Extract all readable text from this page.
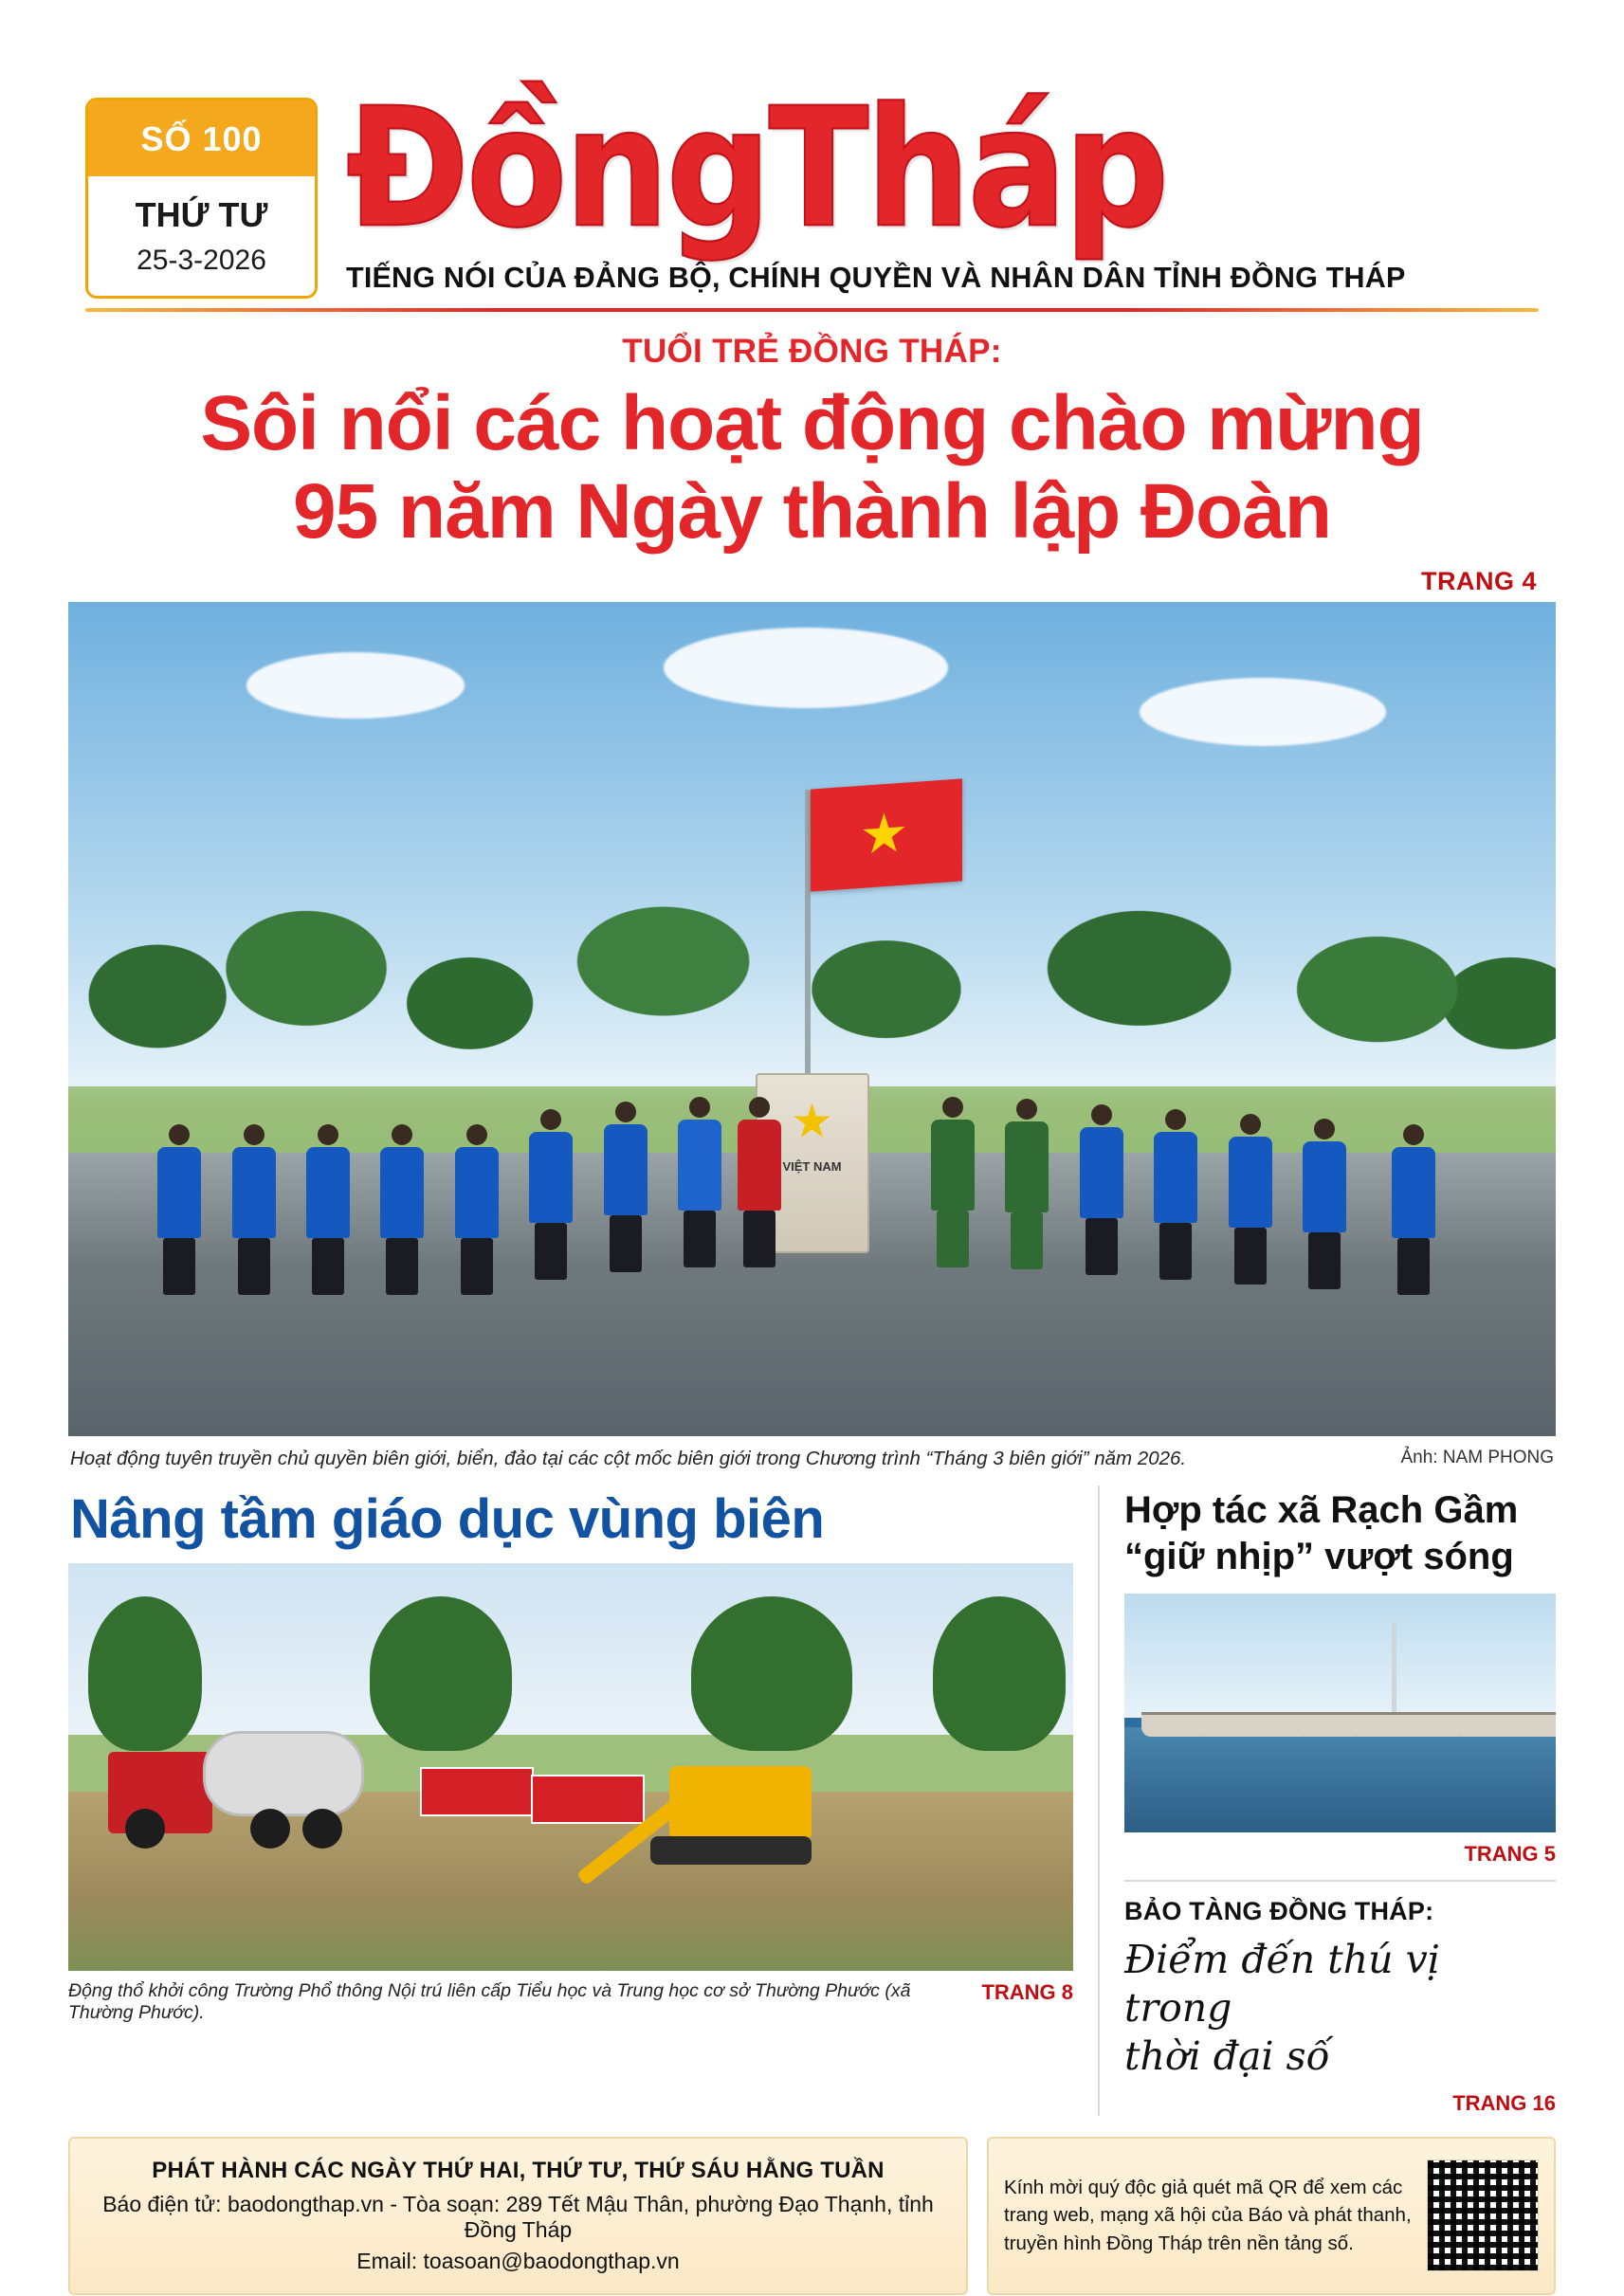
SỐ 100
THỨ TƯ
25-3-2026 ĐồngTháp
TIẾNG NÓI CỦA ĐẢNG BỘ, CHÍNH QUYỀN VÀ NHÂN DÂN TỈNH ĐỒNG THÁP
TUỔI TRẺ ĐỒNG THÁP:
Sôi nổi các hoạt động chào mừng
95 năm Ngày thành lập Đoàn
TRANG 4
VIỆT NAM
Hoạt động tuyên truyền chủ quyền biên giới, biển, đảo tại các cột mốc biên giới trong Chương trình “Tháng 3 biên giới” năm 2026.	Ảnh: NAM PHONG
Nâng tầm giáo dục vùng biên
Động thổ khởi công Trường Phổ thông Nội trú liên cấp Tiểu học và Trung học cơ sở Thường Phước (xã Thường Phước).
TRANG 8
Hợp tác xã Rạch Gầm
“giữ nhịp” vượt sóng
TRANG 5
BẢO TÀNG ĐỒNG THÁP:
Điểm đến thú vị trong
thời đại số
TRANG 16
PHÁT HÀNH CÁC NGÀY THỨ HAI, THỨ TƯ, THỨ SÁU HẰNG TUẦN
Báo điện tử: baodongthap.vn - Tòa soạn: 289 Tết Mậu Thân, phường Đạo Thạnh, tỉnh Đồng Tháp
Email: toasoan@baodongthap.vn
Kính mời quý độc giả quét mã QR để xem các trang web, mạng xã hội của Báo và phát thanh, truyền hình Đồng Tháp trên nền tảng số.
